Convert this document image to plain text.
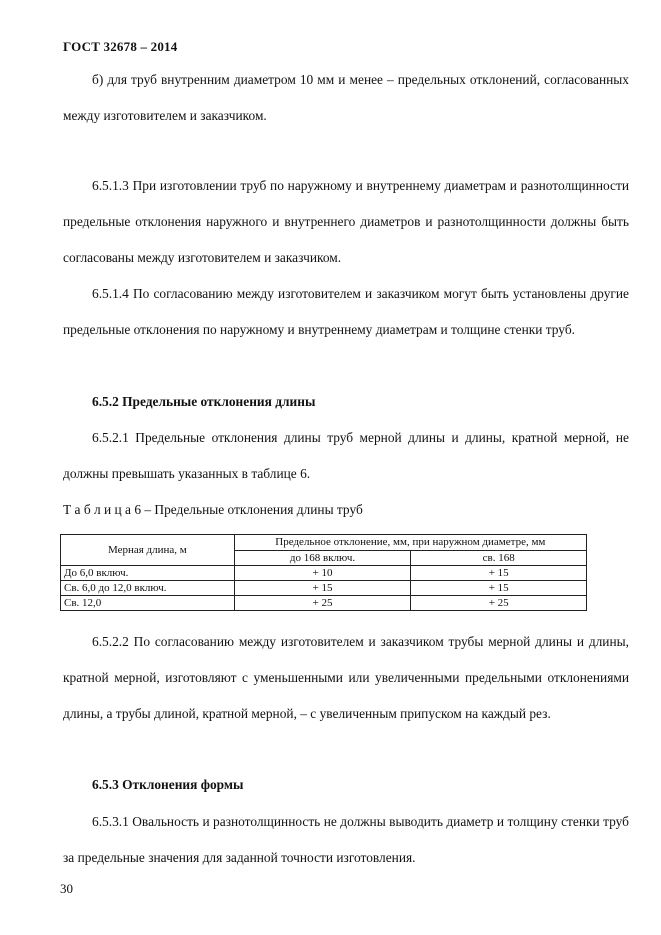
ГОСТ 32678 – 2014

б) для труб внутренним диаметром 10 мм и менее – предельных отклонений, согласованных между изготовителем и заказчиком.

6.5.1.3 При изготовлении труб по наружному и внутреннему диаметрам и разнотолщинности предельные отклонения наружного и внутреннего диаметров и разнотолщинности должны быть согласованы между изготовителем и заказчиком.

6.5.1.4 По согласованию между изготовителем и заказчиком могут быть установлены другие предельные отклонения по наружному и внутреннему диаметрам и толщине стенки труб.

6.5.2 Предельные отклонения длины

6.5.2.1 Предельные отклонения длины труб мерной длины и длины, кратной мерной, не должны превышать указанных в таблице 6.

Т а б л и ц а 6 – Предельные отклонения длины труб

Мерная длина, м	Предельное отклонение, мм, при наружном диаметре, мм	
	до 168 включ.	св. 168
До 6,0 включ.	+ 10	+ 15
Св. 6,0 до 12,0 включ.	+ 15	+ 15
Св. 12,0	+ 25	+ 25

6.5.2.2 По согласованию между изготовителем и заказчиком трубы мерной длины и длины, кратной мерной, изготовляют с уменьшенными или увеличенными предельными отклонениями длины, а трубы длиной, кратной мерной, – с увеличенным припуском на каждый рез.

6.5.3 Отклонения формы

6.5.3.1 Овальность и разнотолщинность не должны выводить диаметр и толщину стенки труб за предельные значения для заданной точности изготовления.

30
